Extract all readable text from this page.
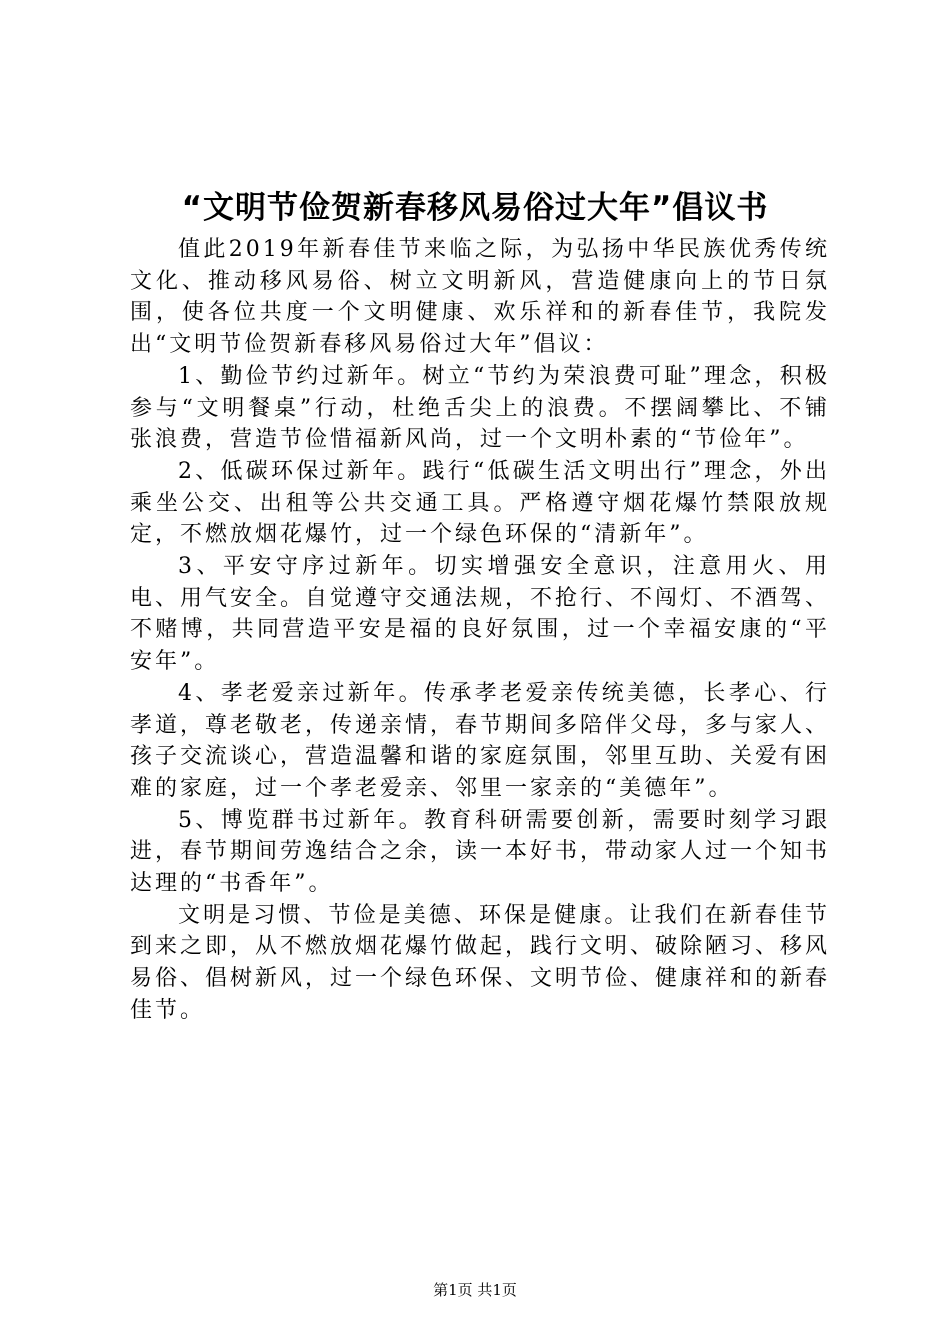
“文明节俭贺新春移风易俗过大年”倡议书

值此2019年新春佳节来临之际，为弘扬中华民族优秀传统文化、推动移风易俗、树立文明新风，营造健康向上的节日氛围，使各位共度一个文明健康、欢乐祥和的新春佳节，我院发出“文明节俭贺新春移风易俗过大年”倡议：

1、勤俭节约过新年。树立“节约为荣浪费可耻”理念，积极参与“文明餐桌”行动，杜绝舌尖上的浪费。不摆阔攀比、不铺张浪费，营造节俭惜福新风尚，过一个文明朴素的“节俭年”。

2、低碳环保过新年。践行“低碳生活文明出行”理念，外出乘坐公交、出租等公共交通工具。严格遵守烟花爆竹禁限放规定，不燃放烟花爆竹，过一个绿色环保的“清新年”。

3、平安守序过新年。切实增强安全意识，注意用火、用电、用气安全。自觉遵守交通法规，不抢行、不闯灯、不酒驾、不赌博，共同营造平安是福的良好氛围，过一个幸福安康的“平安年”。

4、孝老爱亲过新年。传承孝老爱亲传统美德，长孝心、行孝道，尊老敬老，传递亲情，春节期间多陪伴父母，多与家人、孩子交流谈心，营造温馨和谐的家庭氛围，邻里互助、关爱有困难的家庭，过一个孝老爱亲、邻里一家亲的“美德年”。

5、博览群书过新年。教育科研需要创新，需要时刻学习跟进，春节期间劳逸结合之余，读一本好书，带动家人过一个知书达理的“书香年”。

文明是习惯、节俭是美德、环保是健康。让我们在新春佳节到来之即，从不燃放烟花爆竹做起，践行文明、破除陋习、移风易俗、倡树新风，过一个绿色环保、文明节俭、健康祥和的新春佳节。

第1页 共1页
